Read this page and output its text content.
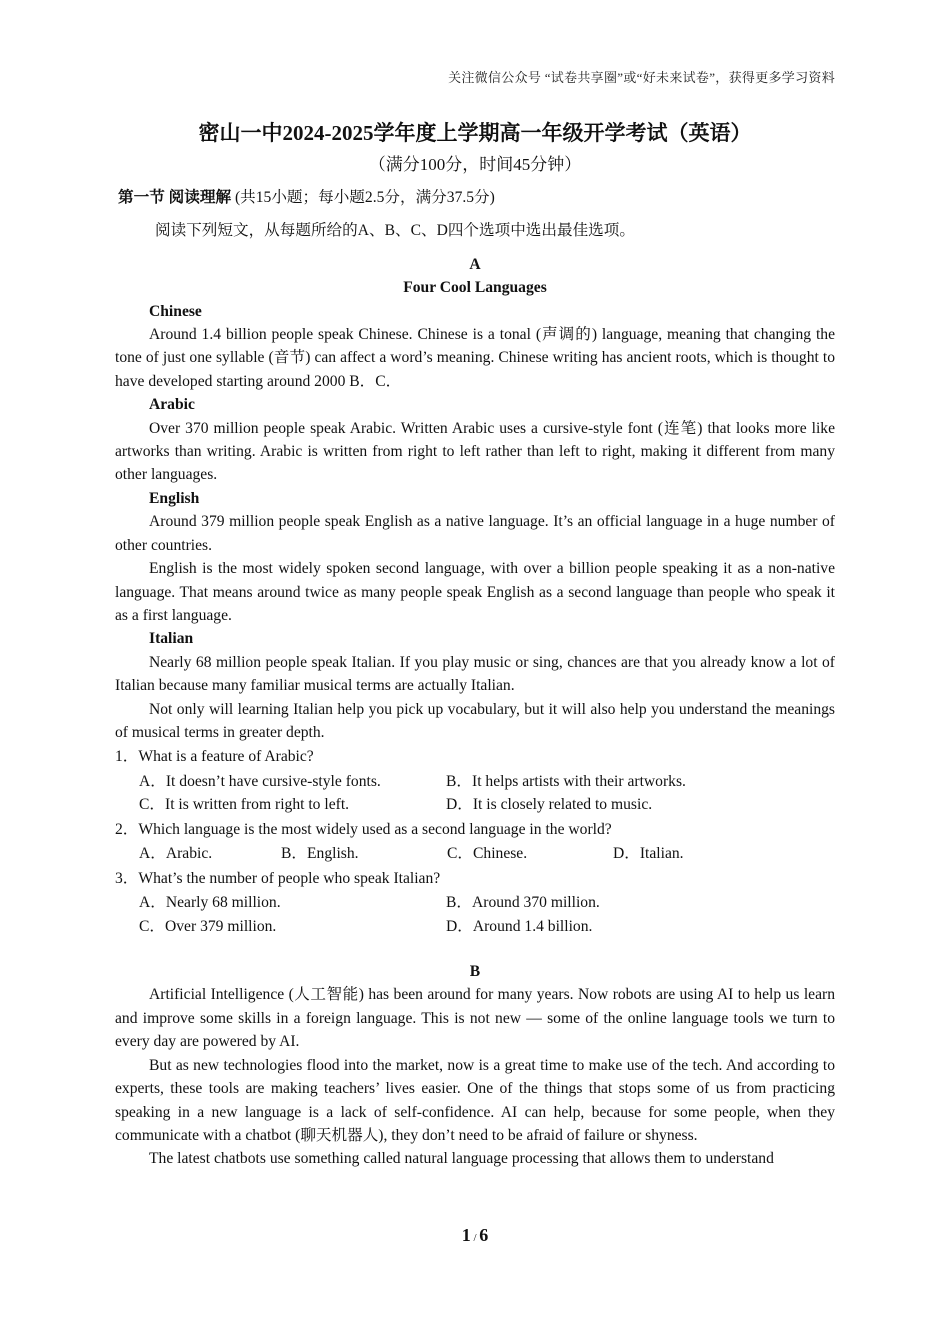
关注微信公众号 “试卷共享圈”或“好未来试卷”，获得更多学习资料
密山一中2024-2025学年度上学期高一年级开学考试（英语）
（满分100分，时间45分钟）

第一节 阅读理解 (共15小题；每小题2.5分，满分37.5分)

阅读下列短文，从每题所给的A、B、C、D四个选项中选出最佳选项。

A

Four Cool Languages

Chinese

Around 1.4 billion people speak Chinese. Chinese is a tonal (声调的) language, meaning that changing the tone of just one syllable (音节) can affect a word’s meaning. Chinese writing has ancient roots, which is thought to have developed starting around 2000 B．C．

Arabic

Over 370 million people speak Arabic. Written Arabic uses a cursive-style font (连笔) that looks more like artworks than writing. Arabic is written from right to left rather than left to right, making it different from many other languages.

English

Around 379 million people speak English as a native language. It’s an official language in a huge number of other countries.

English is the most widely spoken second language, with over a billion people speaking it as a non-native language. That means around twice as many people speak English as a second language than people who speak it as a first language.

Italian

Nearly 68 million people speak Italian. If you play music or sing, chances are that you already know a lot of Italian because many familiar musical terms are actually Italian.

Not only will learning Italian help you pick up vocabulary, but it will also help you understand the meanings of musical terms in greater depth.

1．What is a feature of Arabic?

A．It doesn’t have cursive-style fonts.	B．It helps artists with their artworks.
C．It is written from right to left.	D．It is closely related to music.

2．Which language is the most widely used as a second language in the world?

A．Arabic.	B．English.	C．Chinese.	D．Italian.

3．What’s the number of people who speak Italian?

A．Nearly 68 million.	B．Around 370 million.
C．Over 379 million.	D．Around 1.4 billion.

B

Artificial Intelligence (人工智能) has been around for many years. Now robots are using AI to help us learn and improve some skills in a foreign language. This is not new — some of the online language tools we turn to every day are powered by AI.

But as new technologies flood into the market, now is a great time to make use of the tech. And according to experts, these tools are making teachers’ lives easier. One of the things that stops some of us from practicing speaking in a new language is a lack of self-confidence. AI can help, because for some people, when they communicate with a chatbot (聊天机器人), they don’t need to be afraid of failure or shyness.

The latest chatbots use something called natural language processing that allows them to understand

1 / 6
